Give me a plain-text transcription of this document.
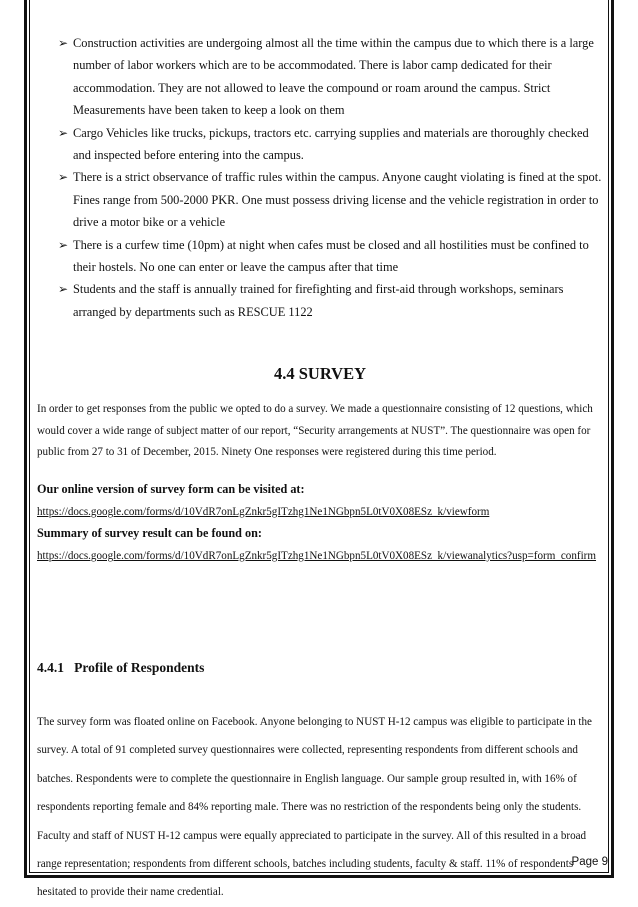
➢ Construction activities are undergoing almost all the time within the campus due to which there is a large number of labor workers which are to be accommodated. There is labor camp dedicated for their accommodation. They are not allowed to leave the compound or roam around the campus. Strict Measurements have been taken to keep a look on them
➢ Cargo Vehicles like trucks, pickups, tractors etc. carrying supplies and materials are thoroughly checked and inspected before entering into the campus.
➢ There is a strict observance of traffic rules within the campus. Anyone caught violating is fined at the spot. Fines range from 500-2000 PKR. One must possess driving license and the vehicle registration in order to drive a motor bike or a vehicle
➢ There is a curfew time (10pm) at night when cafes must be closed and all hostilities must be confined to their hostels. No one can enter or leave the campus after that time
➢ Students and the staff is annually trained for firefighting and first-aid through workshops, seminars arranged by departments such as RESCUE 1122
4.4 SURVEY

In order to get responses from the public we opted to do a survey. We made a questionnaire consisting of 12 questions, which would cover a wide range of subject matter of our report, “Security arrangements at NUST”. The questionnaire was open for public from 27 to 31 of December, 2015. Ninety One responses were registered during this time period.

Our online version of survey form can be visited at:
https://docs.google.com/forms/d/10VdR7onLgZnkr5gITzhg1Ne1NGbpn5L0tV0X08ESz_k/viewform
Summary of survey result can be found on:
https://docs.google.com/forms/d/10VdR7onLgZnkr5gITzhg1Ne1NGbpn5L0tV0X08ESz_k/viewanalytics?usp=form_confirm
4.4.1   Profile of Respondents

The survey form was floated online on Facebook. Anyone belonging to NUST H-12 campus was eligible to participate in the survey. A total of 91 completed survey questionnaires were collected, representing respondents from different schools and batches. Respondents were to complete the questionnaire in English language. Our sample group resulted in, with 16% of respondents reporting female and 84% reporting male. There was no restriction of the respondents being only the students. Faculty and staff of NUST H-12 campus were equally appreciated to participate in the survey. All of this resulted in a broad range representation; respondents from different schools, batches including students, faculty & staff. 11% of respondents hesitated to provide their name credential.

Page 9
